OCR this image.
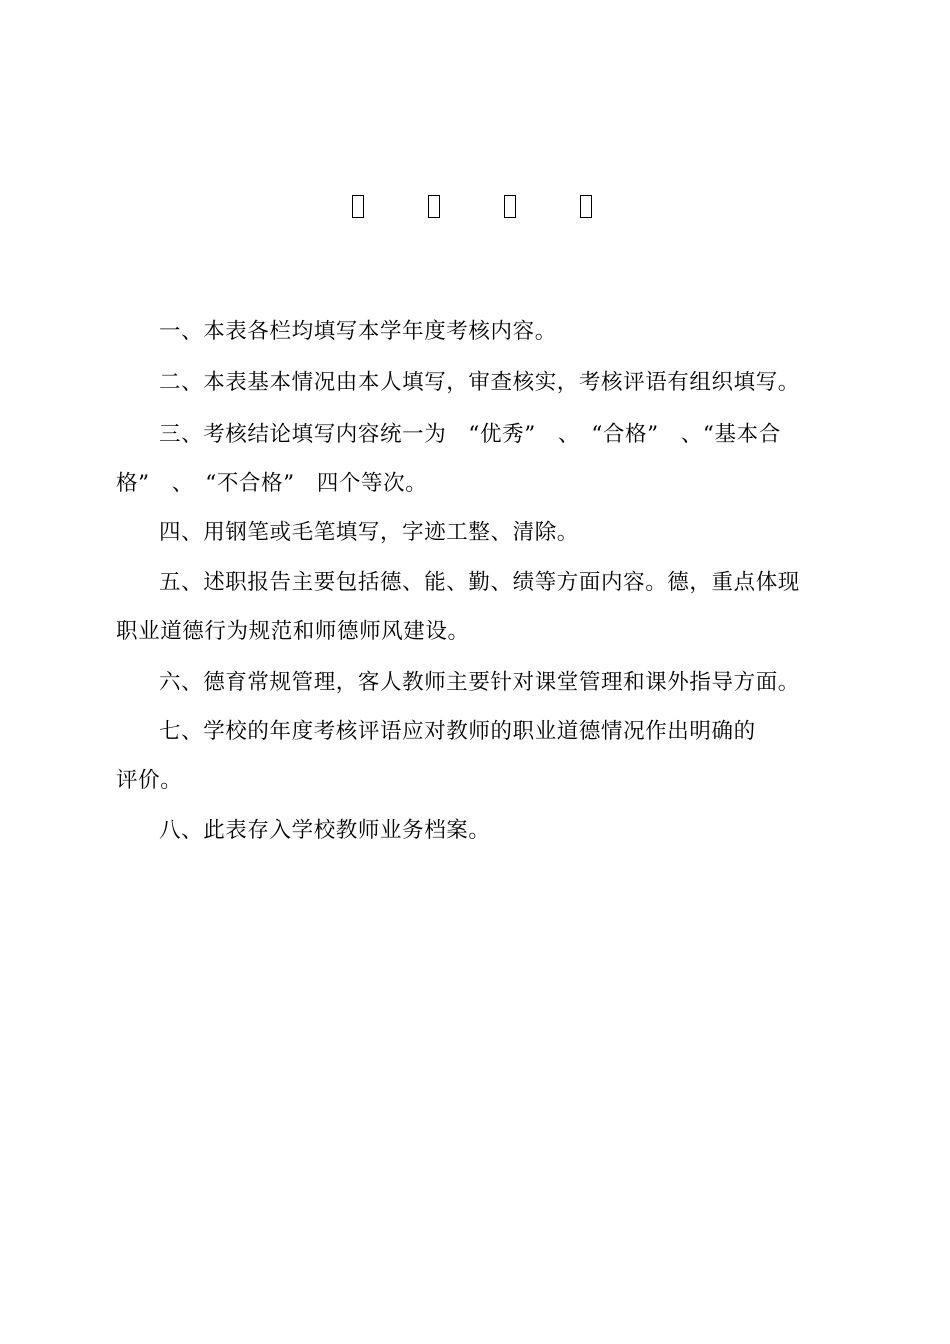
一、本表各栏均填写本学年度考核内容。

二、本表基本情况由本人填写，审查核实，考核评语有组织填写。

三、考核结论填写内容统一为　“优秀”　、　“合格”　、“基本合
格”　、　“不合格”　四个等次。

四、用钢笔或毛笔填写，字迹工整、清除。

五、述职报告主要包括德、能、勤、绩等方面内容。德，重点体现
职业道德行为规范和师德师风建设。

六、德育常规管理，客人教师主要针对课堂管理和课外指导方面。

七、学校的年度考核评语应对教师的职业道德情况作出明确的
评价。

八、此表存入学校教师业务档案。
